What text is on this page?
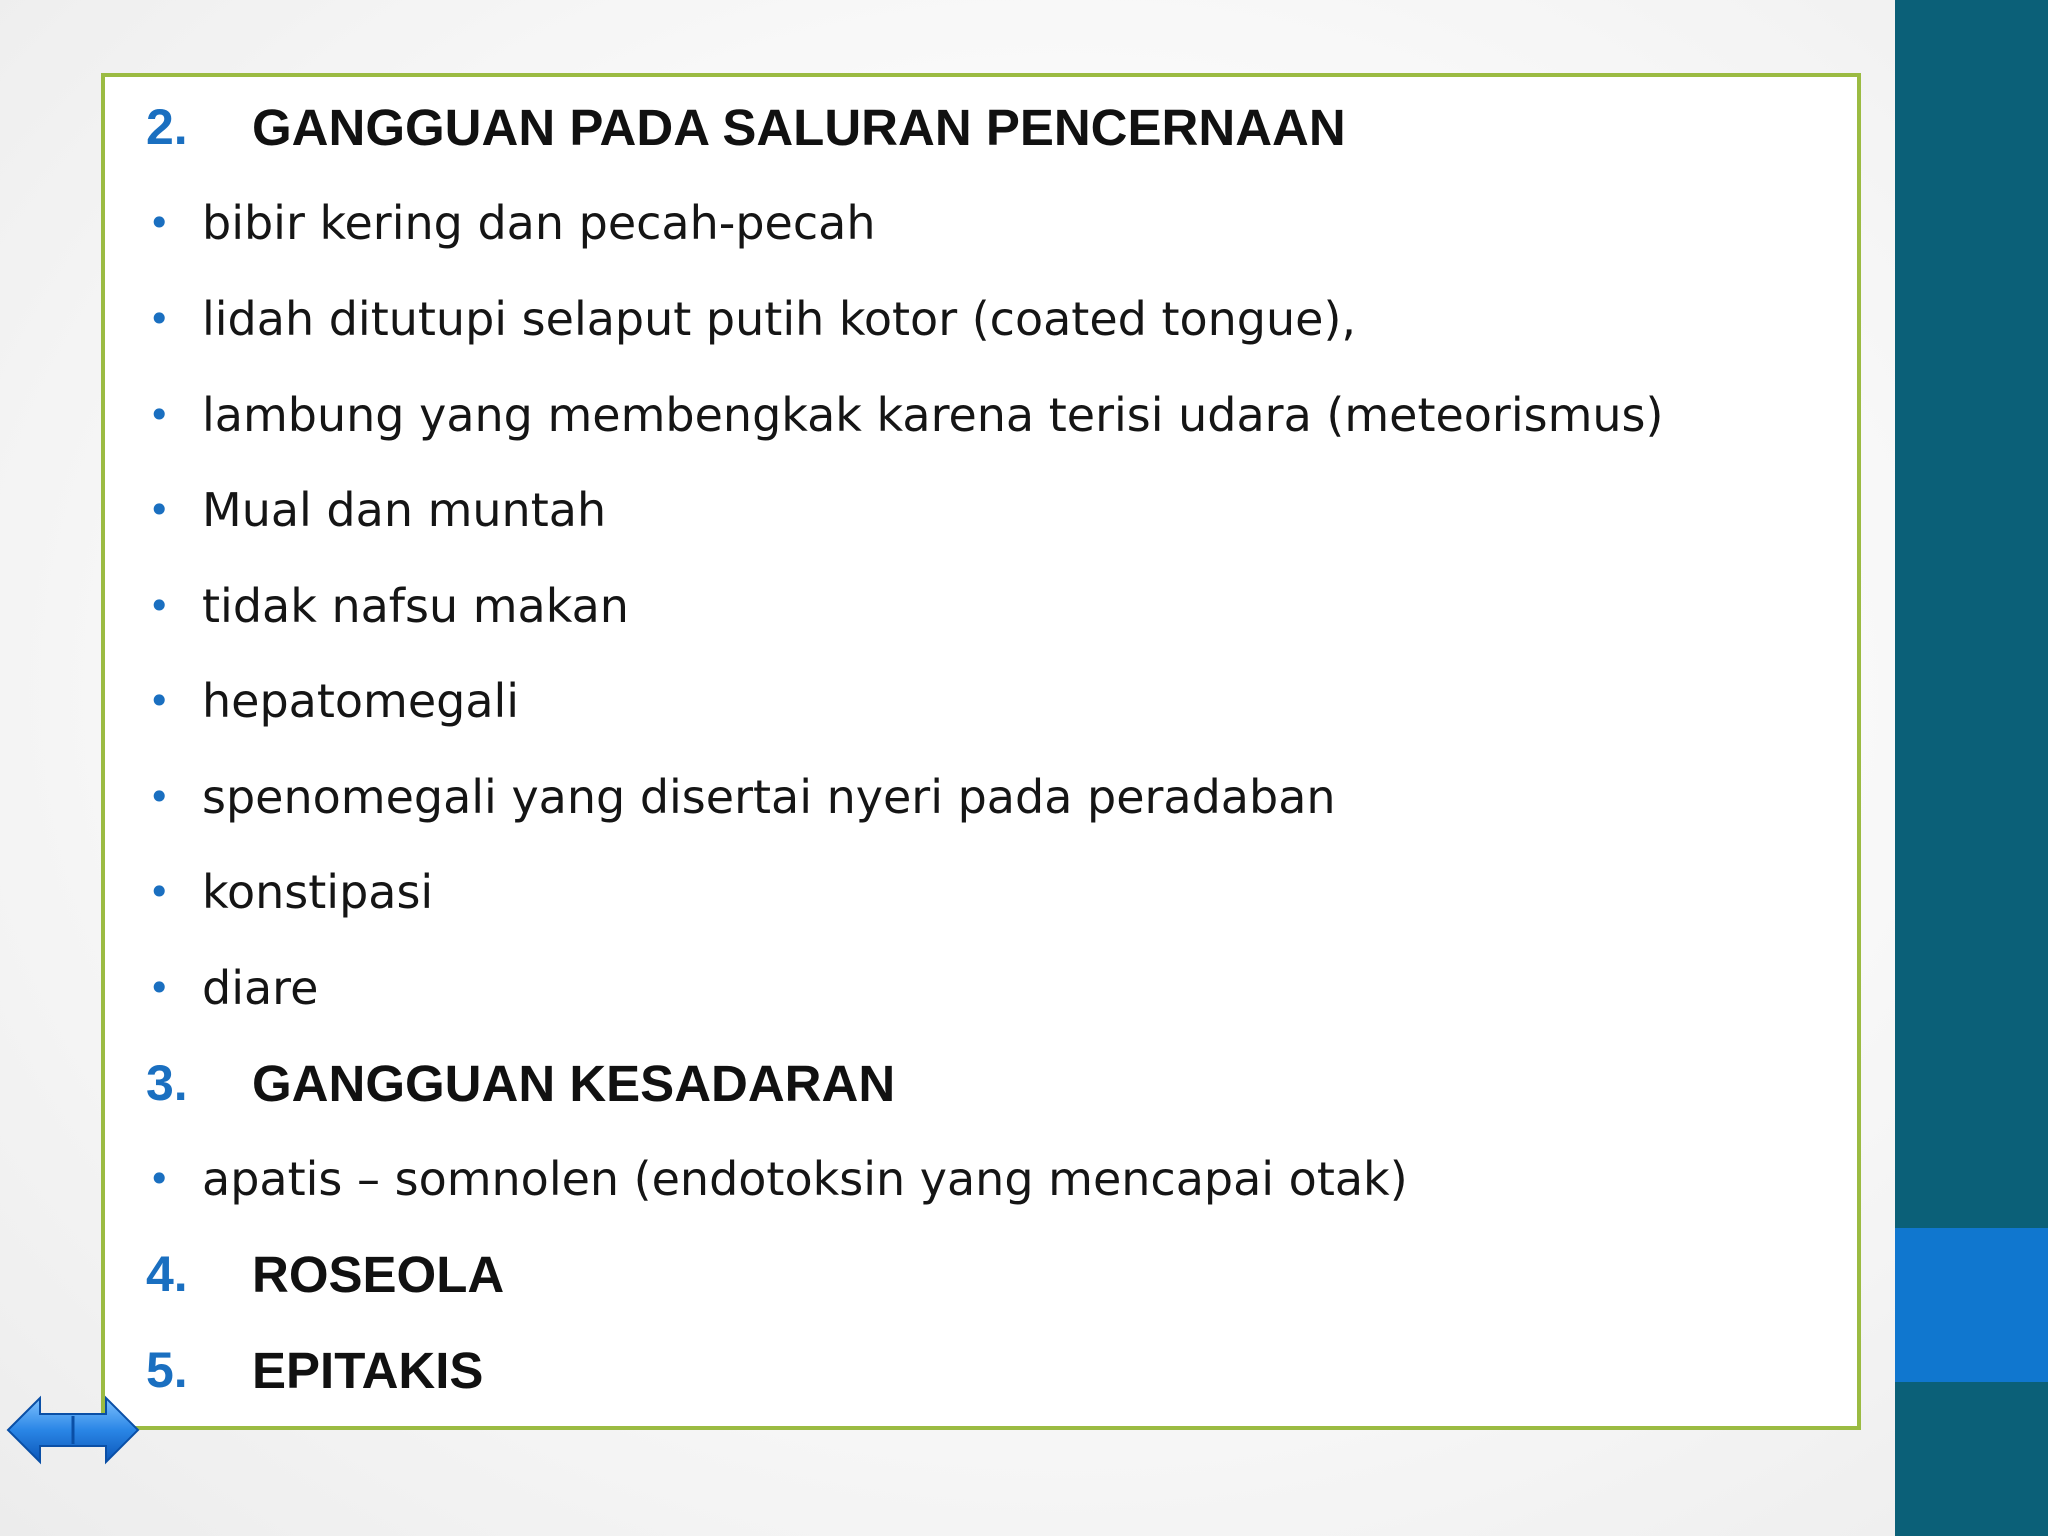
2.	GANGGUAN PADA SALURAN PENCERNAAN
• bibir kering dan pecah-pecah
• lidah ditutupi selaput putih kotor (coated tongue),
• lambung yang membengkak karena terisi udara (meteorismus)
• Mual dan muntah
• tidak nafsu makan
• hepatomegali
• spenomegali yang disertai nyeri pada peradaban
• konstipasi
• diare
3.	GANGGUAN KESADARAN
• apatis – somnolen (endotoksin yang mencapai otak)
4.	ROSEOLA
5.	EPITAKIS
